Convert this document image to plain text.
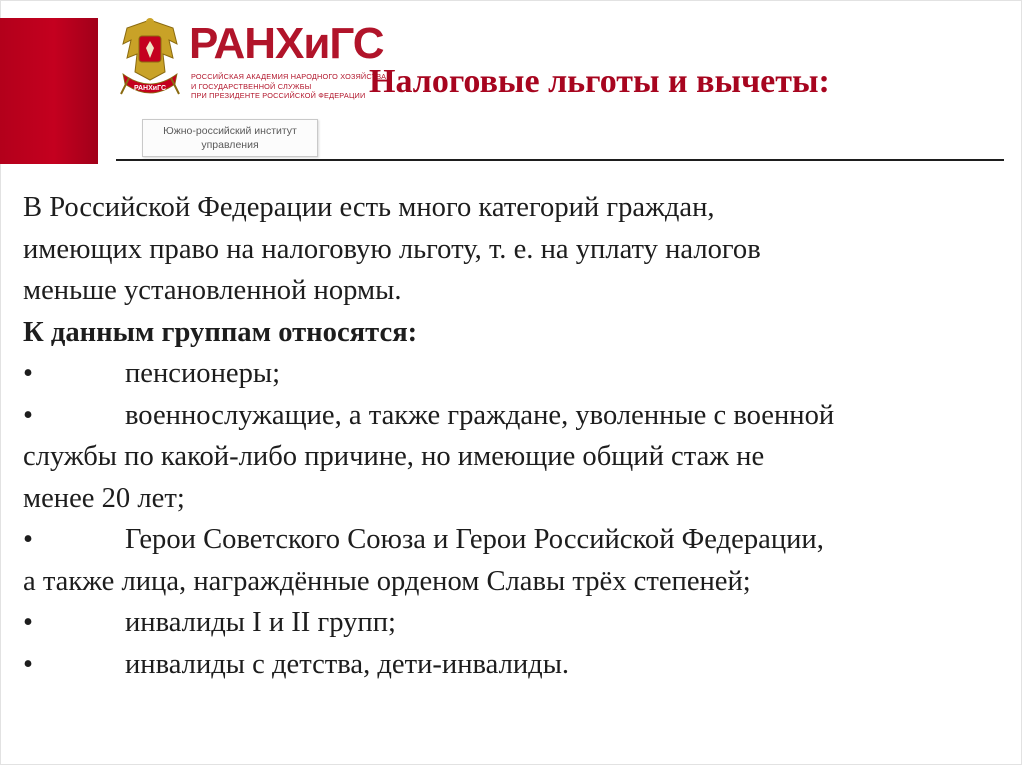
РАНХиГС
РАНХиГС
РОССИЙСКАЯ АКАДЕМИЯ НАРОДНОГО ХОЗЯЙСТВА
И ГОСУДАРСТВЕННОЙ СЛУЖБЫ
ПРИ ПРЕЗИДЕНТЕ РОССИЙСКОЙ ФЕДЕРАЦИИ
Южно-российский институт
управления
Налоговые льготы и вычеты:

В Российской Федерации есть много категорий граждан,

имеющих право на налоговую льготу, т. е. на уплату налогов

меньше установленной нормы.

К данным группам относятся:

•	пенсионеры;

•	военнослужащие, а также граждане, уволенные с военной

службы по какой-либо причине, но имеющие общий стаж не

менее 20 лет;

•	Герои Советского Союза и Герои Российской Федерации,

а также лица, награждённые орденом Славы трёх степеней;

•	инвалиды I и II групп;

•	инвалиды с детства, дети-инвалиды.
